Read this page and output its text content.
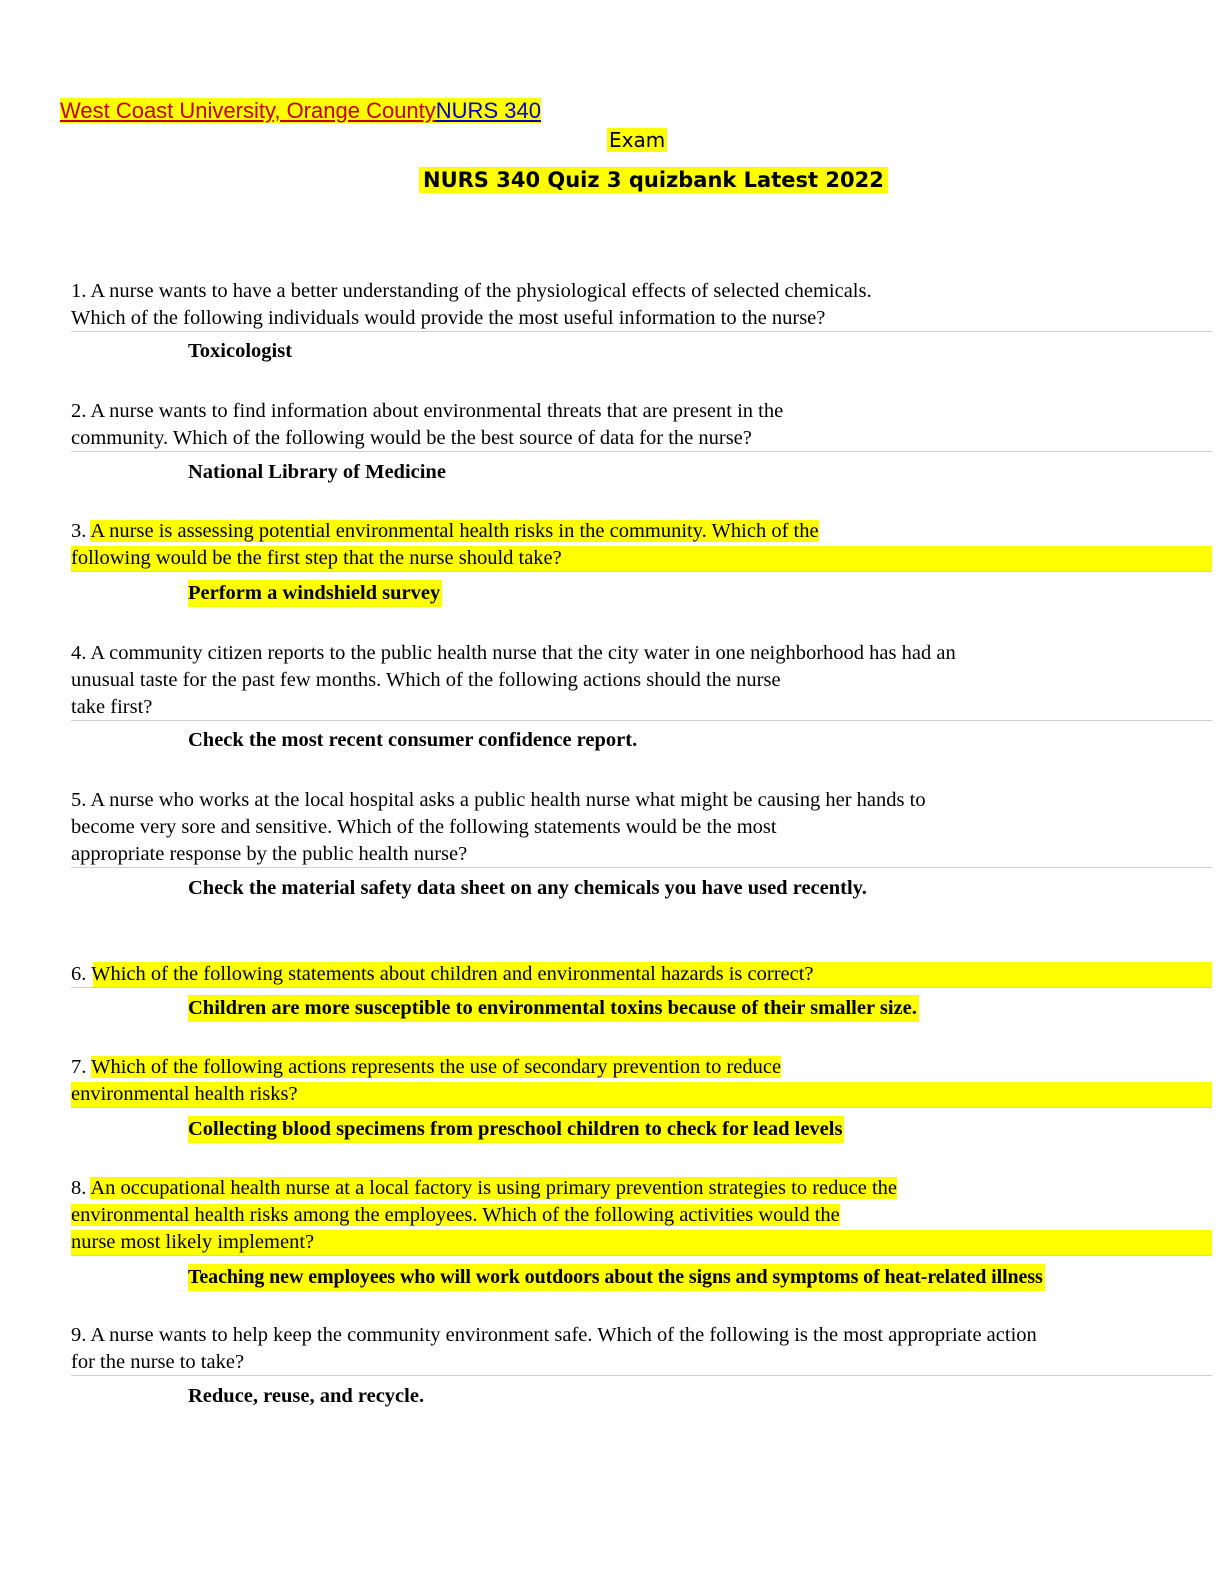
West Coast University, Orange CountyNURS 340
Exam
NURS 340 Quiz 3 quizbank Latest 2022
1. A nurse wants to have a better understanding of the physiological effects of selected chemicals.
Which of the following individuals would provide the most useful information to the nurse?
Toxicologist
2. A nurse wants to find information about environmental threats that are present in the
community. Which of the following would be the best source of data for the nurse?
National Library of Medicine
3. A nurse is assessing potential environmental health risks in the community. Which of the
following would be the first step that the nurse should take?
Perform a windshield survey
4. A community citizen reports to the public health nurse that the city water in one neighborhood has had an
unusual taste for the past few months. Which of the following actions should the nurse
take first?
Check the most recent consumer confidence report.
5. A nurse who works at the local hospital asks a public health nurse what might be causing her hands to
become very sore and sensitive. Which of the following statements would be the most
appropriate response by the public health nurse?
Check the material safety data sheet on any chemicals you have used recently.
6. Which of the following statements about children and environmental hazards is correct?
Children are more susceptible to environmental toxins because of their smaller size.
7. Which of the following actions represents the use of secondary prevention to reduce
environmental health risks?
Collecting blood specimens from preschool children to check for lead levels
8. An occupational health nurse at a local factory is using primary prevention strategies to reduce the
environmental health risks among the employees. Which of the following activities would the
nurse most likely implement?
Teaching new employees who will work outdoors about the signs and symptoms of heat-related illness
9. A nurse wants to help keep the community environment safe. Which of the following is the most appropriate action
for the nurse to take?
Reduce, reuse, and recycle.
